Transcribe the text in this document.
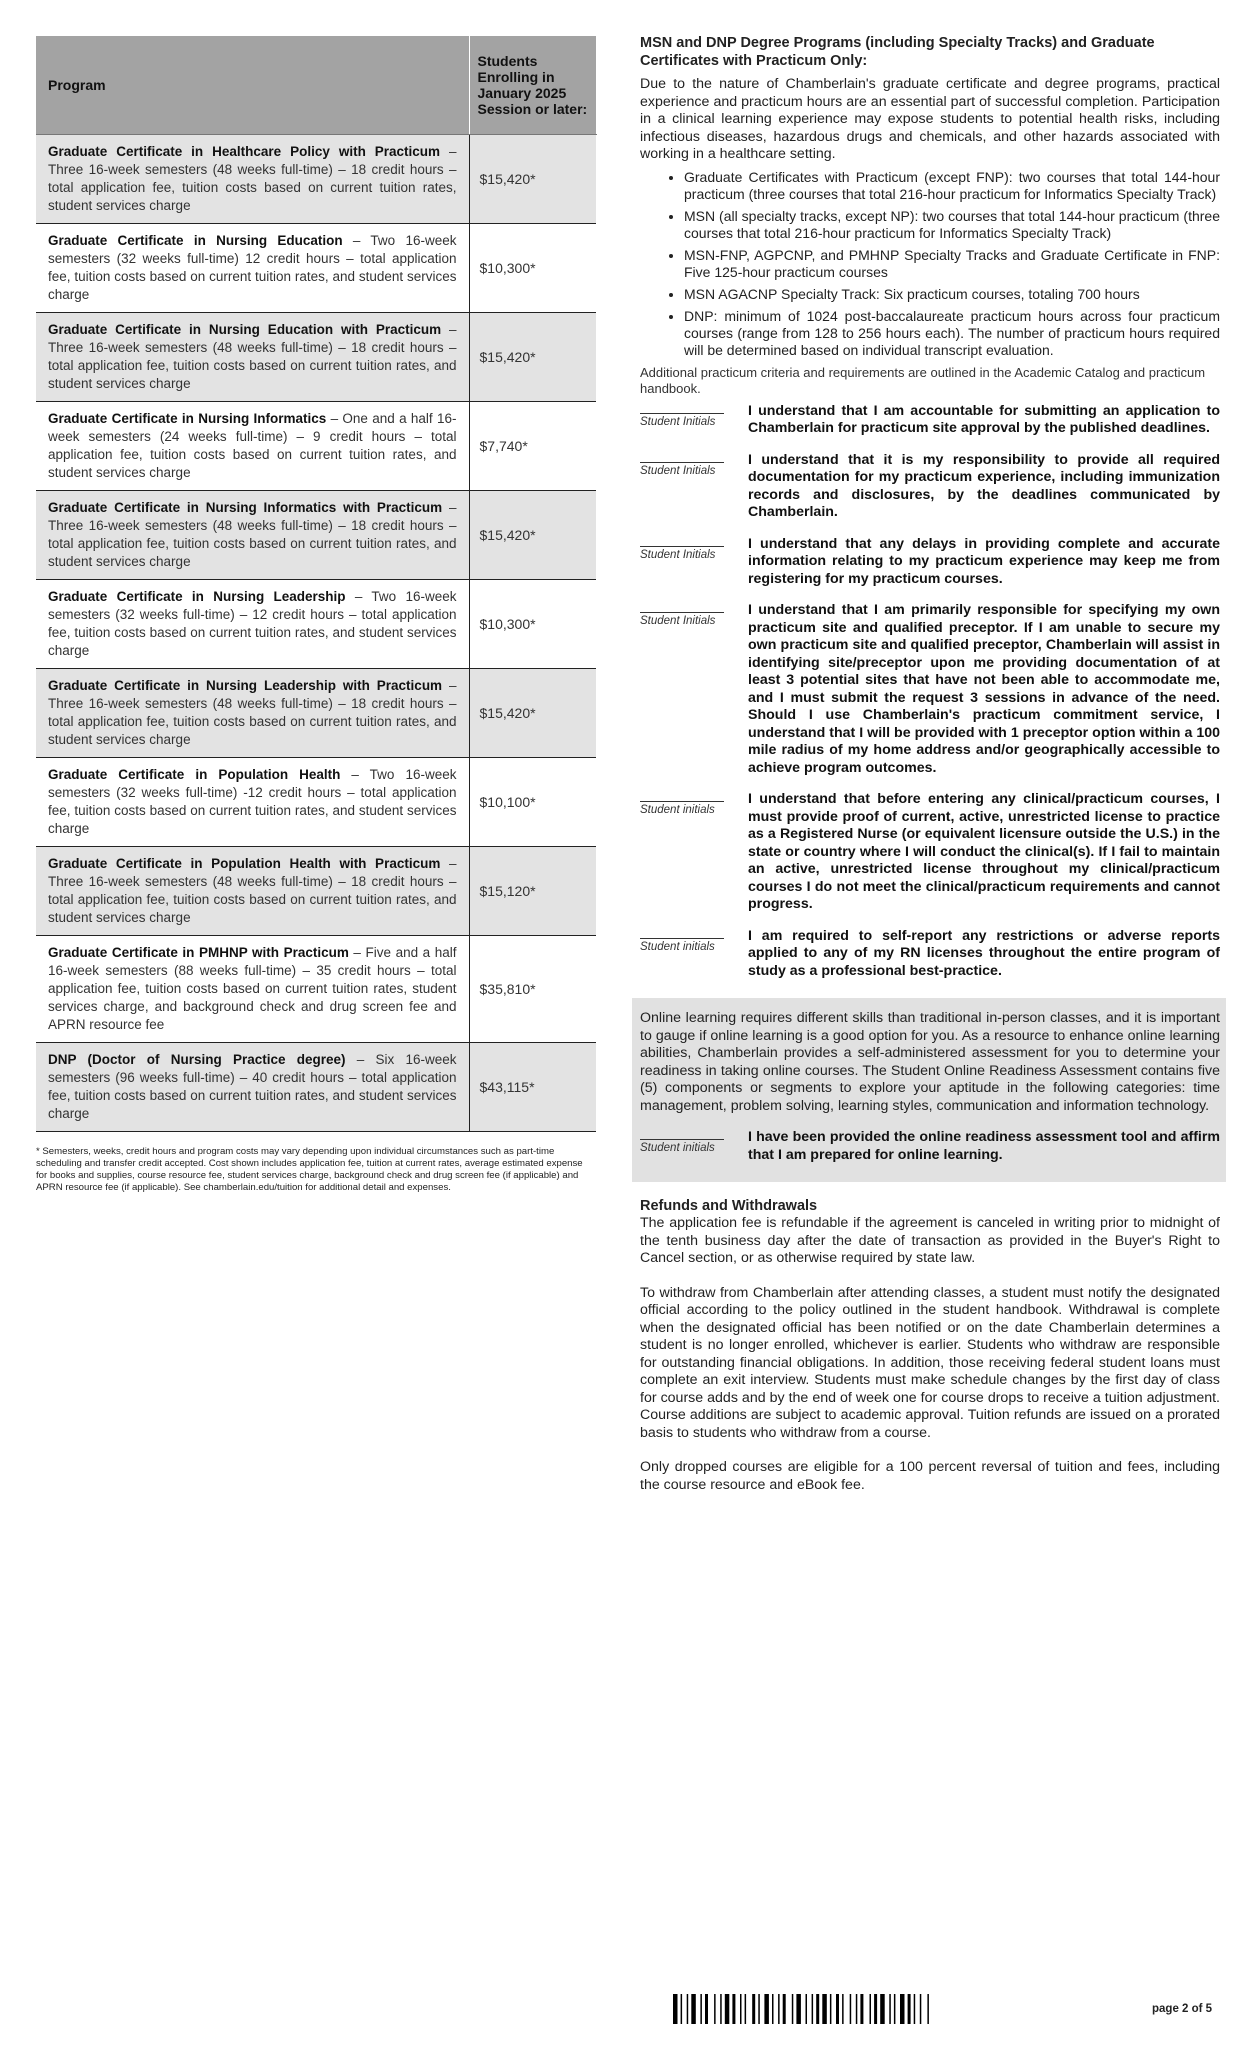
Program	Students Enrolling in January 2025 Session or later:
Graduate Certificate in Healthcare Policy with Practicum – Three 16-week semesters (48 weeks full-time) – 18 credit hours – total application fee, tuition costs based on current tuition rates, student services charge	$15,420*
Graduate Certificate in Nursing Education – Two 16-week semesters (32 weeks full-time) 12 credit hours – total application fee, tuition costs based on current tuition rates, and student services charge	$10,300*
Graduate Certificate in Nursing Education with Practicum – Three 16-week semesters (48 weeks full-time) – 18 credit hours – total application fee, tuition costs based on current tuition rates, and student services charge	$15,420*
Graduate Certificate in Nursing Informatics – One and a half 16-week semesters (24 weeks full-time) – 9 credit hours – total application fee, tuition costs based on current tuition rates, and student services charge	$7,740*
Graduate Certificate in Nursing Informatics with Practicum – Three 16-week semesters (48 weeks full-time) – 18 credit hours – total application fee, tuition costs based on current tuition rates, and student services charge	$15,420*
Graduate Certificate in Nursing Leadership – Two 16-week semesters (32 weeks full-time) – 12 credit hours – total application fee, tuition costs based on current tuition rates, and student services charge	$10,300*
Graduate Certificate in Nursing Leadership with Practicum – Three 16-week semesters (48 weeks full-time) – 18 credit hours – total application fee, tuition costs based on current tuition rates, and student services charge	$15,420*
Graduate Certificate in Population Health – Two 16-week semesters (32 weeks full-time) -12 credit hours – total application fee, tuition costs based on current tuition rates, and student services charge	$10,100*
Graduate Certificate in Population Health with Practicum – Three 16-week semesters (48 weeks full-time) – 18 credit hours – total application fee, tuition costs based on current tuition rates, and student services charge	$15,120*
Graduate Certificate in PMHNP with Practicum – Five and a half 16-week semesters (88 weeks full-time) – 35 credit hours – total application fee, tuition costs based on current tuition rates, student services charge, and background check and drug screen fee and APRN resource fee	$35,810*
DNP (Doctor of Nursing Practice degree) – Six 16-week semesters (96 weeks full-time) – 40 credit hours – total application fee, tuition costs based on current tuition rates, and student services charge	$43,115*
* Semesters, weeks, credit hours and program costs may vary depending upon individual circumstances such as part-time scheduling and transfer credit accepted. Cost shown includes application fee, tuition at current rates, average estimated expense for books and supplies, course resource fee, student services charge, background check and drug screen fee (if applicable) and APRN resource fee (if applicable). See chamberlain.edu/tuition for additional detail and expenses.

MSN and DNP Degree Programs (including Specialty Tracks) and Graduate Certificates with Practicum Only:

Due to the nature of Chamberlain's graduate certificate and degree programs, practical experience and practicum hours are an essential part of successful completion. Participation in a clinical learning experience may expose students to potential health risks, including infectious diseases, hazardous drugs and chemicals, and other hazards associated with working in a healthcare setting.

• Graduate Certificates with Practicum (except FNP): two courses that total 144-hour practicum (three courses that total 216-hour practicum for Informatics Specialty Track)
• MSN (all specialty tracks, except NP): two courses that total 144-hour practicum (three courses that total 216-hour practicum for Informatics Specialty Track)
• MSN-FNP, AGPCNP, and PMHNP Specialty Tracks and Graduate Certificate in FNP: Five 125-hour practicum courses
• MSN AGACNP Specialty Track: Six practicum courses, totaling 700 hours
• DNP: minimum of 1024 post-baccalaureate practicum hours across four practicum courses (range from 128 to 256 hours each). The number of practicum hours required will be determined based on individual transcript evaluation.

Additional practicum criteria and requirements are outlined in the Academic Catalog and practicum handbook.

Student Initials
I understand that I am accountable for submitting an application to Chamberlain for practicum site approval by the published deadlines.
Student Initials
I understand that it is my responsibility to provide all required documentation for my practicum experience, including immunization records and disclosures, by the deadlines communicated by Chamberlain.
Student Initials
I understand that any delays in providing complete and accurate information relating to my practicum experience may keep me from registering for my practicum courses.
Student Initials
I understand that I am primarily responsible for specifying my own practicum site and qualified preceptor. If I am unable to secure my own practicum site and qualified preceptor, Chamberlain will assist in identifying site/preceptor upon me providing documentation of at least 3 potential sites that have not been able to accommodate me, and I must submit the request 3 sessions in advance of the need. Should I use Chamberlain's practicum commitment service, I understand that I will be provided with 1 preceptor option within a 100 mile radius of my home address and/or geographically accessible to achieve program outcomes.
Student initials
I understand that before entering any clinical/practicum courses, I must provide proof of current, active, unrestricted license to practice as a Registered Nurse (or equivalent licensure outside the U.S.) in the state or country where I will conduct the clinical(s). If I fail to maintain an active, unrestricted license throughout my clinical/practicum courses I do not meet the clinical/practicum requirements and cannot progress.
Student initials
I am required to self-report any restrictions or adverse reports applied to any of my RN licenses throughout the entire program of study as a professional best-practice.

Online learning requires different skills than traditional in-person classes, and it is important to gauge if online learning is a good option for you. As a resource to enhance online learning abilities, Chamberlain provides a self-administered assessment for you to determine your readiness in taking online courses. The Student Online Readiness Assessment contains five (5) components or segments to explore your aptitude in the following categories: time management, problem solving, learning styles, communication and information technology.

Student initials
I have been provided the online readiness assessment tool and affirm that I am prepared for online learning.

Refunds and Withdrawals

The application fee is refundable if the agreement is canceled in writing prior to midnight of the tenth business day after the date of transaction as provided in the Buyer's Right to Cancel section, or as otherwise required by state law.

To withdraw from Chamberlain after attending classes, a student must notify the designated official according to the policy outlined in the student handbook. Withdrawal is complete when the designated official has been notified or on the date Chamberlain determines a student is no longer enrolled, whichever is earlier. Students who withdraw are responsible for outstanding financial obligations. In addition, those receiving federal student loans must complete an exit interview. Students must make schedule changes by the first day of class for course adds and by the end of week one for course drops to receive a tuition adjustment. Course additions are subject to academic approval. Tuition refunds are issued on a prorated basis to students who withdraw from a course.

Only dropped courses are eligible for a 100 percent reversal of tuition and fees, including the course resource and eBook fee.

page 2 of 5
